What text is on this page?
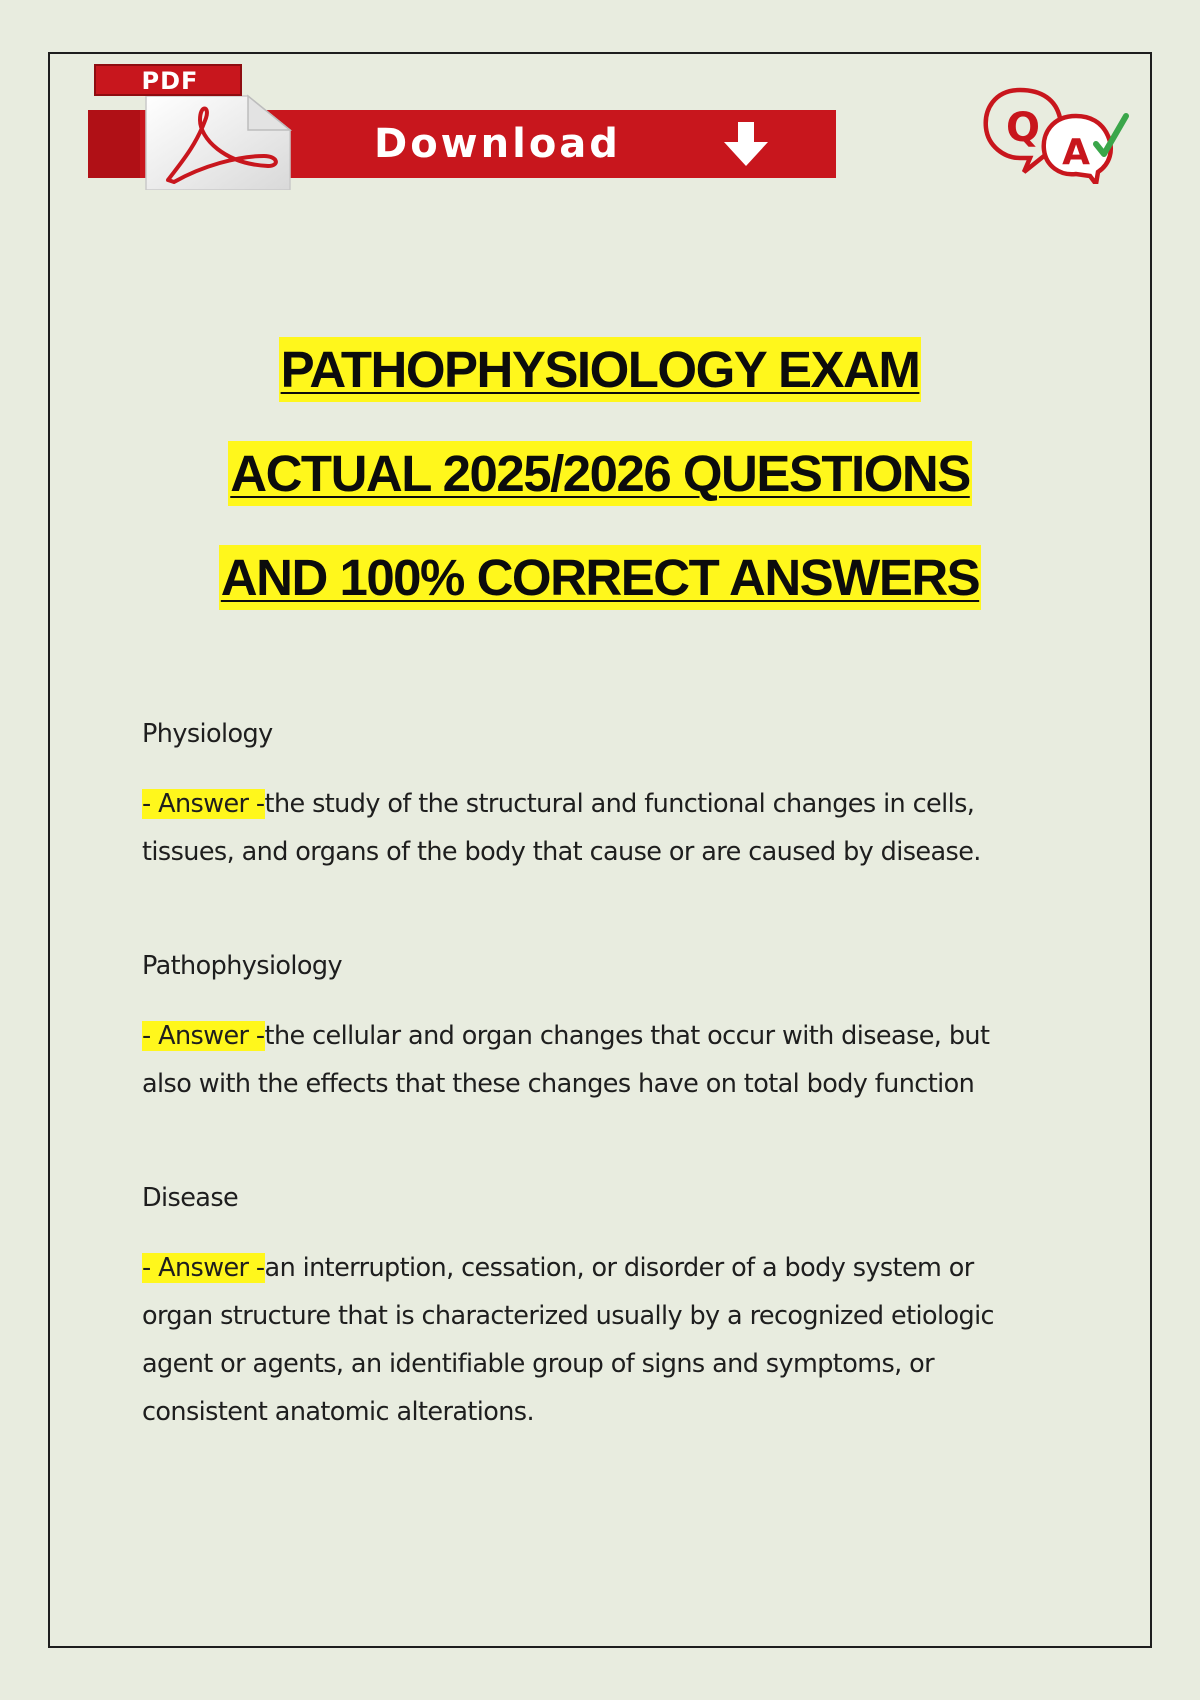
PDF
Download	Q
A
PATHOPHYSIOLOGY EXAM
ACTUAL 2025/2026 QUESTIONS
AND 100% CORRECT ANSWERS

Physiology

- Answer -the study of the structural and functional changes in cells, tissues, and organs of the body that cause or are caused by disease.

Pathophysiology

- Answer -the cellular and organ changes that occur with disease, but also with the effects that these changes have on total body function

Disease

- Answer -an interruption, cessation, or disorder of a body system or organ structure that is characterized usually by a recognized etiologic agent or agents, an identifiable group of signs and symptoms, or consistent anatomic alterations.
